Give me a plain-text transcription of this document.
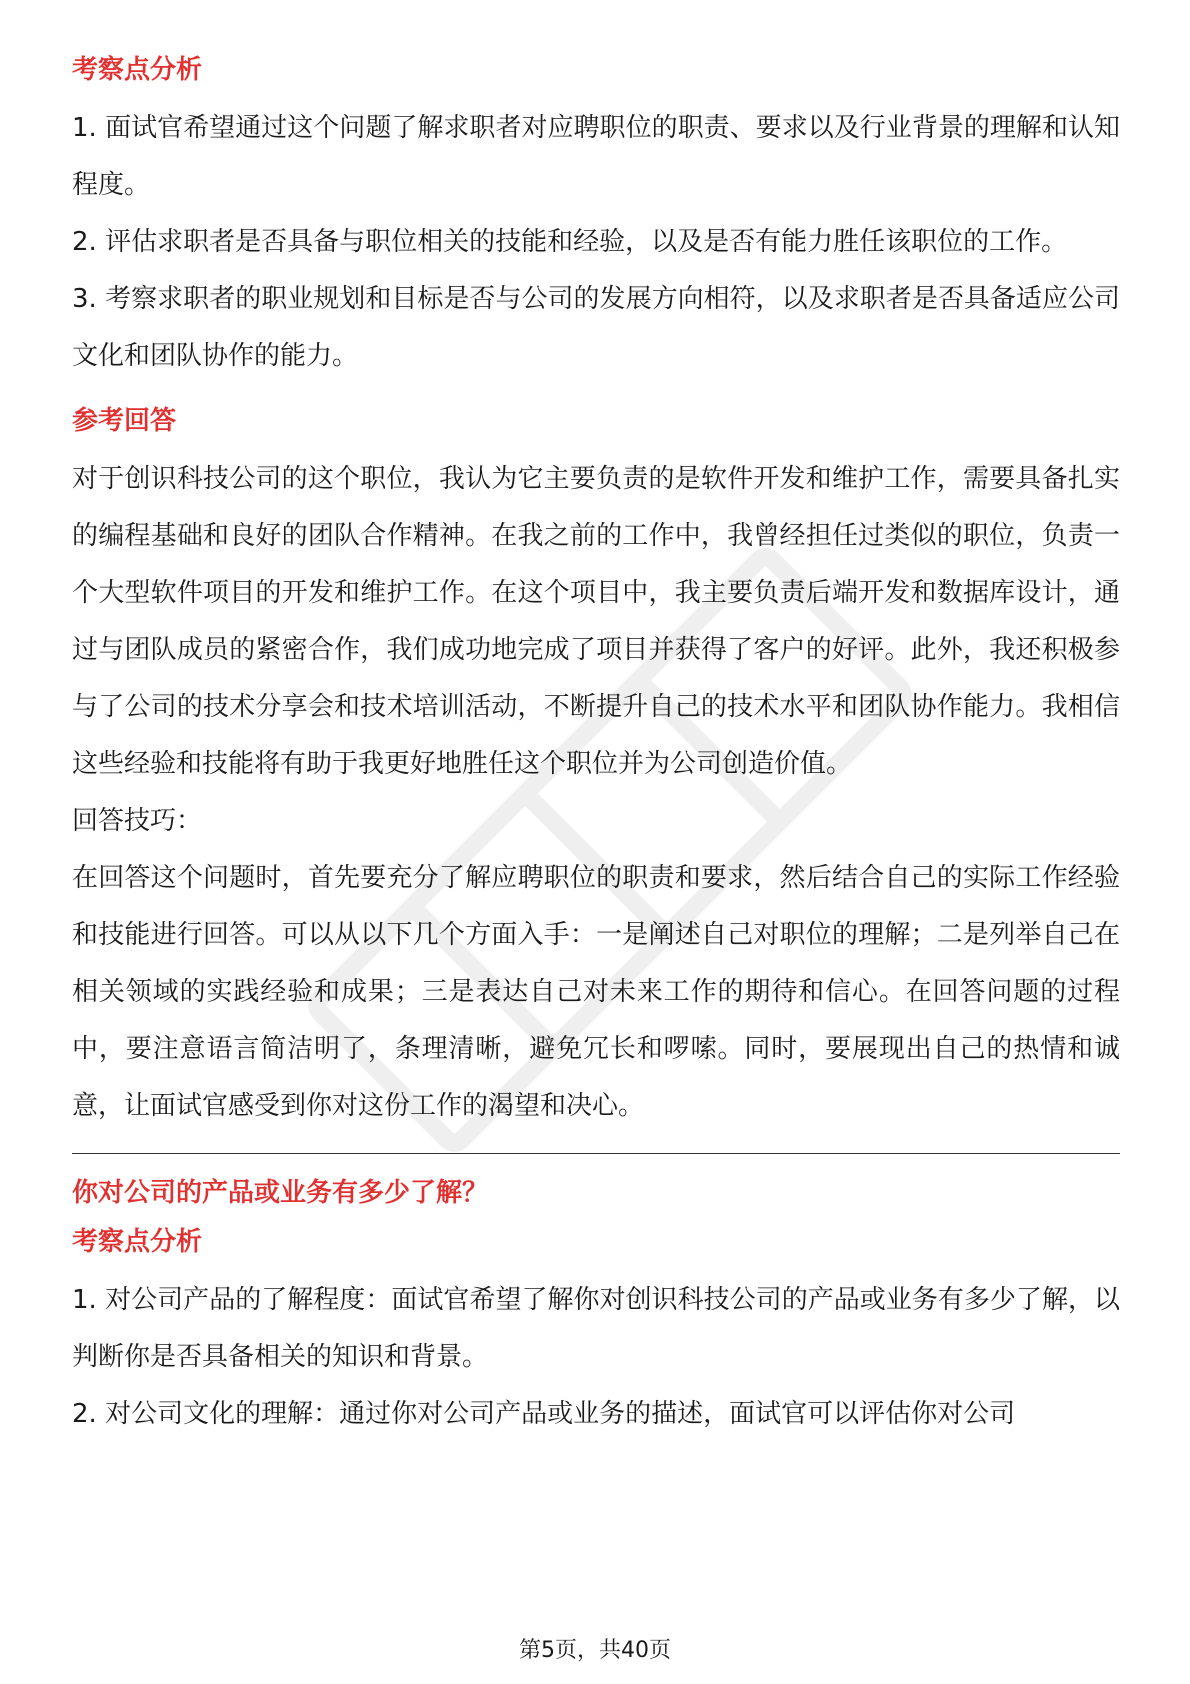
考察点分析

1. 面试官希望通过这个问题了解求职者对应聘职位的职责、要求以及行业背景的理解和认知程度。

2. 评估求职者是否具备与职位相关的技能和经验，以及是否有能力胜任该职位的工作。

3. 考察求职者的职业规划和目标是否与公司的发展方向相符，以及求职者是否具备适应公司文化和团队协作的能力。

参考回答

对于创识科技公司的这个职位，我认为它主要负责的是软件开发和维护工作，需要具备扎实的编程基础和良好的团队合作精神。在我之前的工作中，我曾经担任过类似的职位，负责一个大型软件项目的开发和维护工作。在这个项目中，我主要负责后端开发和数据库设计，通过与团队成员的紧密合作，我们成功地完成了项目并获得了客户的好评。此外，我还积极参与了公司的技术分享会和技术培训活动，不断提升自己的技术水平和团队协作能力。我相信这些经验和技能将有助于我更好地胜任这个职位并为公司创造价值。

回答技巧：

在回答这个问题时，首先要充分了解应聘职位的职责和要求，然后结合自己的实际工作经验和技能进行回答。可以从以下几个方面入手：一是阐述自己对职位的理解；二是列举自己在相关领域的实践经验和成果；三是表达自己对未来工作的期待和信心。在回答问题的过程中，要注意语言简洁明了，条理清晰，避免冗长和啰嗦。同时，要展现出自己的热情和诚意，让面试官感受到你对这份工作的渴望和决心。

你对公司的产品或业务有多少了解？
考察点分析

1. 对公司产品的了解程度：面试官希望了解你对创识科技公司的产品或业务有多少了解，以判断你是否具备相关的知识和背景。

2. 对公司文化的理解：通过你对公司产品或业务的描述，面试官可以评估你对公司

第5页，共40页
